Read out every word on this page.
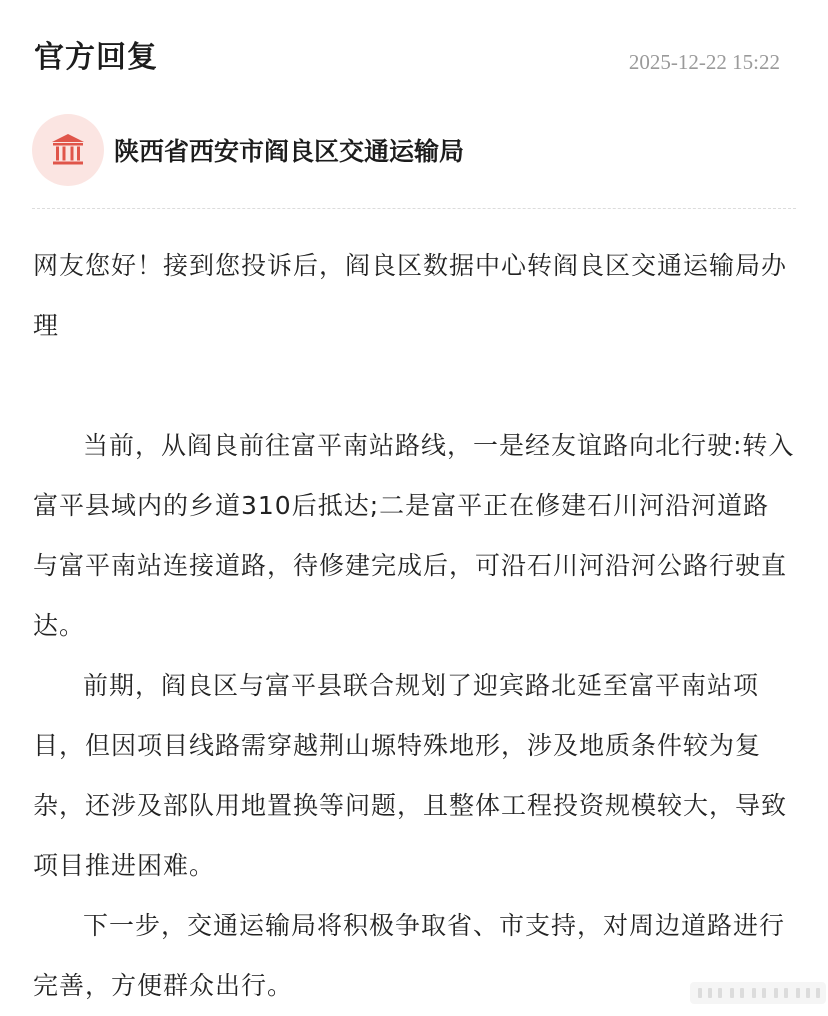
官方回复	2025-12-22 15:22
陕西省西安市阎良区交通运输局

网友您好！接到您投诉后，阎良区数据中心转阎良区交通运输局办理

当前，从阎良前往富平南站路线，一是经友谊路向北行驶:转入富平县域内的乡道310后抵达;二是富平正在修建石川河沿河道路与富平南站连接道路，待修建完成后，可沿石川河沿河公路行驶直达。

前期，阎良区与富平县联合规划了迎宾路北延至富平南站项目，但因项目线路需穿越荆山塬特殊地形，涉及地质条件较为复杂，还涉及部队用地置换等问题，且整体工程投资规模较大，导致项目推进困难。

下一步，交通运输局将积极争取省、市支持，对周边道路进行完善，方便群众出行。
